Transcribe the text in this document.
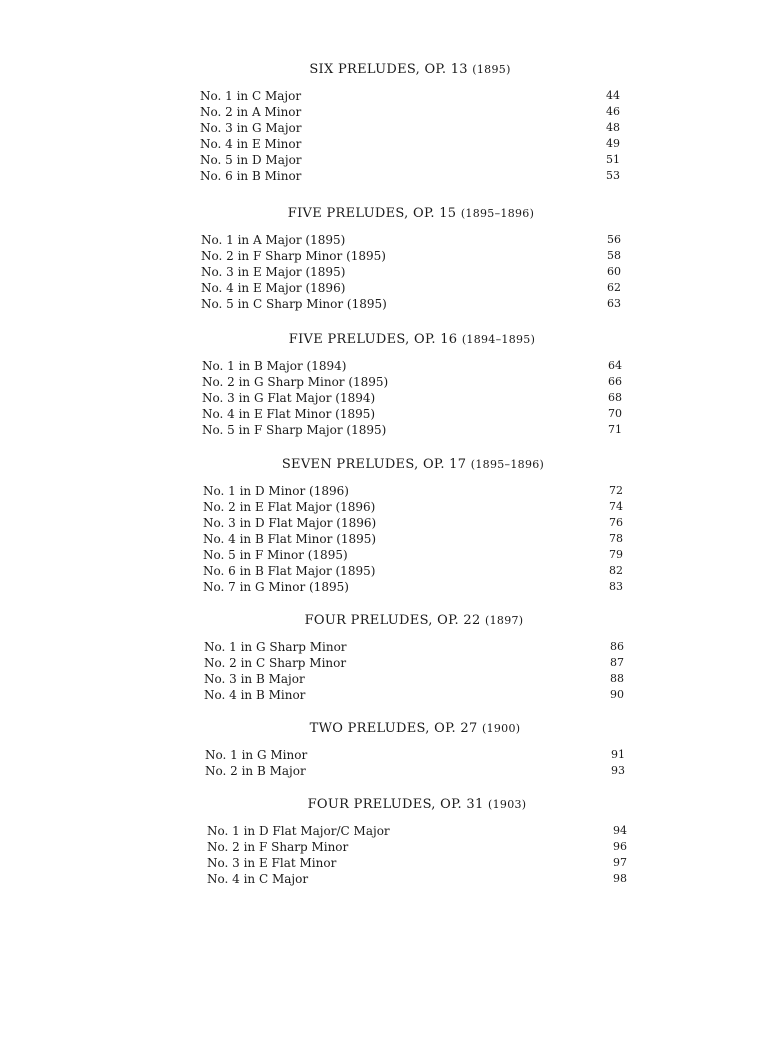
SIX PRELUDES, OP. 13 (1895)
No. 1 in C Major	44
No. 2 in A Minor	46
No. 3 in G Major	48
No. 4 in E Minor	49
No. 5 in D Major	51
No. 6 in B Minor	53
FIVE PRELUDES, OP. 15 (1895–1896)
No. 1 in A Major (1895)	56
No. 2 in F Sharp Minor (1895)	58
No. 3 in E Major (1895)	60
No. 4 in E Major (1896)	62
No. 5 in C Sharp Minor (1895)	63
FIVE PRELUDES, OP. 16 (1894–1895)
No. 1 in B Major (1894)	64
No. 2 in G Sharp Minor (1895)	66
No. 3 in G Flat Major (1894)	68
No. 4 in E Flat Minor (1895)	70
No. 5 in F Sharp Major (1895)	71
SEVEN PRELUDES, OP. 17 (1895–1896)
No. 1 in D Minor (1896)	72
No. 2 in E Flat Major (1896)	74
No. 3 in D Flat Major (1896)	76
No. 4 in B Flat Minor (1895)	78
No. 5 in F Minor (1895)	79
No. 6 in B Flat Major (1895)	82
No. 7 in G Minor (1895)	83
FOUR PRELUDES, OP. 22 (1897)
No. 1 in G Sharp Minor	86
No. 2 in C Sharp Minor	87
No. 3 in B Major	88
No. 4 in B Minor	90
TWO PRELUDES, OP. 27 (1900)
No. 1 in G Minor	91
No. 2 in B Major	93
FOUR PRELUDES, OP. 31 (1903)
No. 1 in D Flat Major/C Major	94
No. 2 in F Sharp Minor	96
No. 3 in E Flat Minor	97
No. 4 in C Major	98
